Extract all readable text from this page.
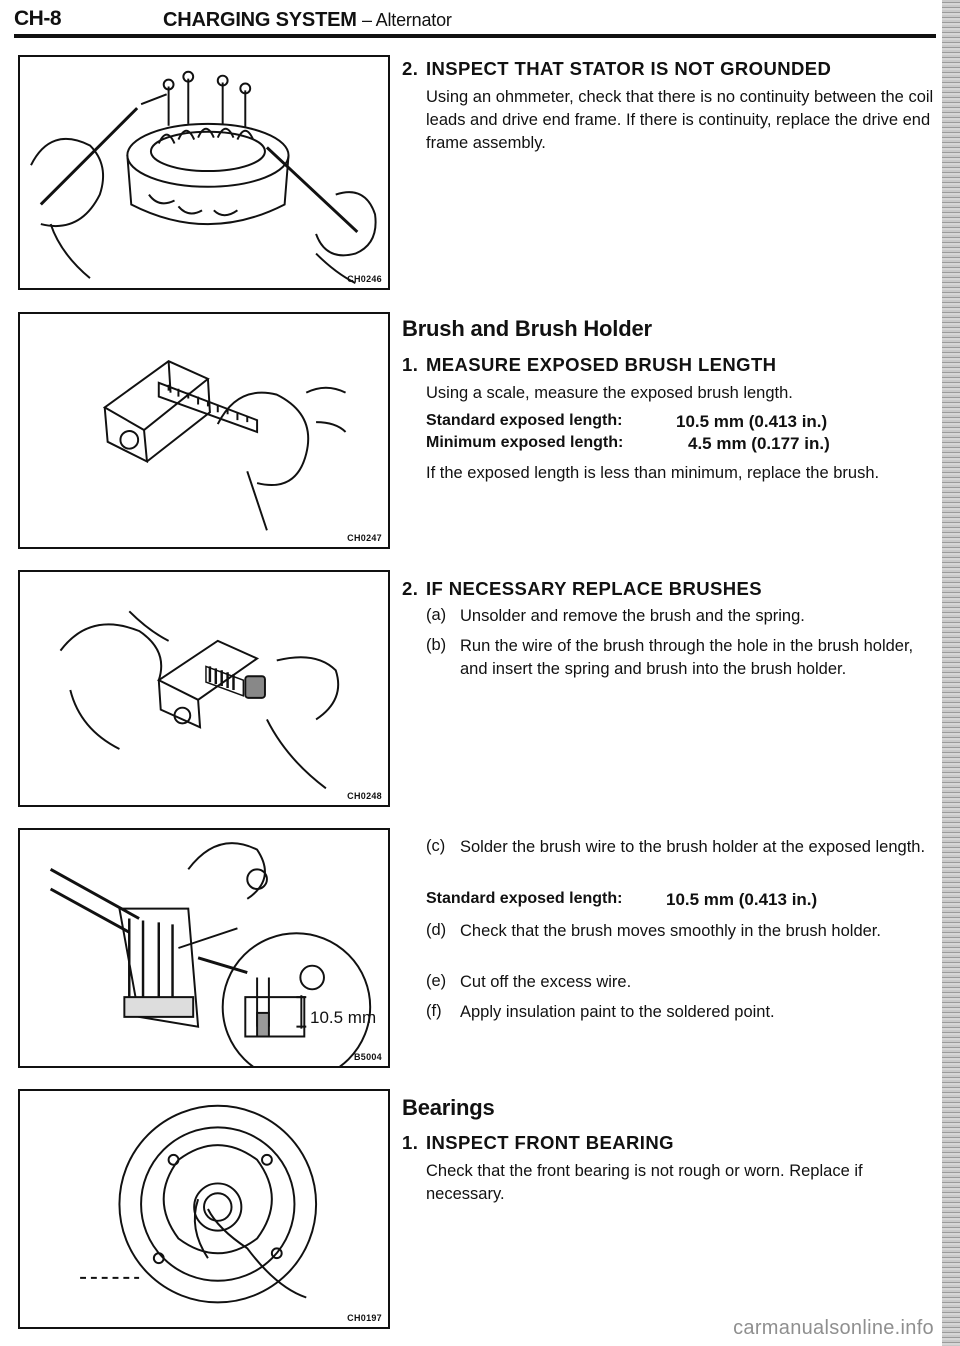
CH-8	CHARGING SYSTEM – Alternator
CH0246
CH0247
CH0248
10.5 mm
B5004
CH0197
2. INSPECT THAT STATOR IS NOT GROUNDED
Using an ohmmeter, check that there is no continuity between the coil leads and drive end frame. If there is continuity, replace the drive end frame assembly.
Brush and Brush Holder
1. MEASURE EXPOSED BRUSH LENGTH
Using a scale, measure the exposed brush length.
Standard exposed length:	10.5 mm (0.413 in.)
Minimum exposed length:	4.5 mm (0.177 in.)
If the exposed length is less than minimum, replace the brush.
2. IF NECESSARY REPLACE BRUSHES
(a) Unsolder and remove the brush and the spring.
(b) Run the wire of the brush through the hole in the brush holder, and insert the spring and brush into the brush holder.
(c) Solder the brush wire to the brush holder at the exposed length.
Standard exposed length:	10.5 mm (0.413 in.)
(d) Check that the brush moves smoothly in the brush holder.
(e) Cut off the excess wire.
(f) Apply insulation paint to the soldered point.
Bearings
1. INSPECT FRONT BEARING
Check that the front bearing is not rough or worn. Replace if necessary.
carmanualsonline.info
